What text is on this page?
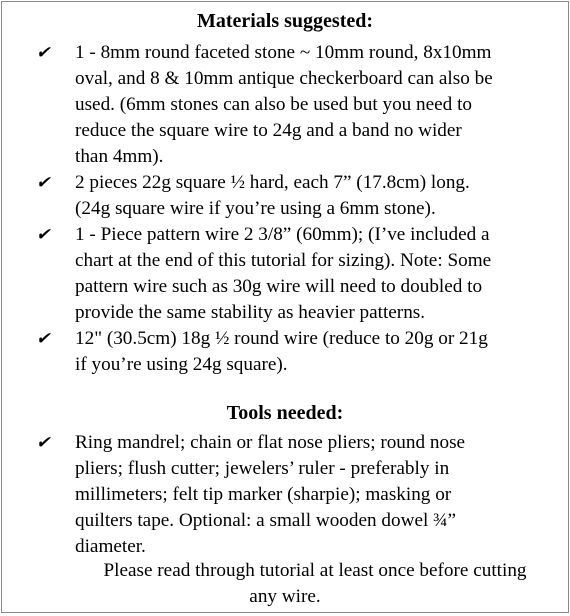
Materials suggested:
✔	1 - 8mm round faceted stone ~ 10mm round, 8x10mm
oval, and 8 & 10mm antique checkerboard can also be
used. (6mm stones can also be used but you need to
reduce the square wire to 24g and a band no wider
than 4mm).
✔	2 pieces 22g square ½ hard, each 7” (17.8cm) long.
(24g square wire if you’re using a 6mm stone).
✔	1 - Piece pattern wire 2 3/8” (60mm); (I’ve included a
chart at the end of this tutorial for sizing). Note: Some
pattern wire such as 30g wire will need to doubled to
provide the same stability as heavier patterns.
✔	12" (30.5cm) 18g ½ round wire (reduce to 20g or 21g
if you’re using 24g square).
Tools needed:
✔	Ring mandrel; chain or flat nose pliers; round nose
pliers; flush cutter; jewelers’ ruler - preferably in
millimeters; felt tip marker (sharpie); masking or
quilters tape. Optional: a small wooden dowel ¾”
diameter.
Please read through tutorial at least once before cutting
any wire.
